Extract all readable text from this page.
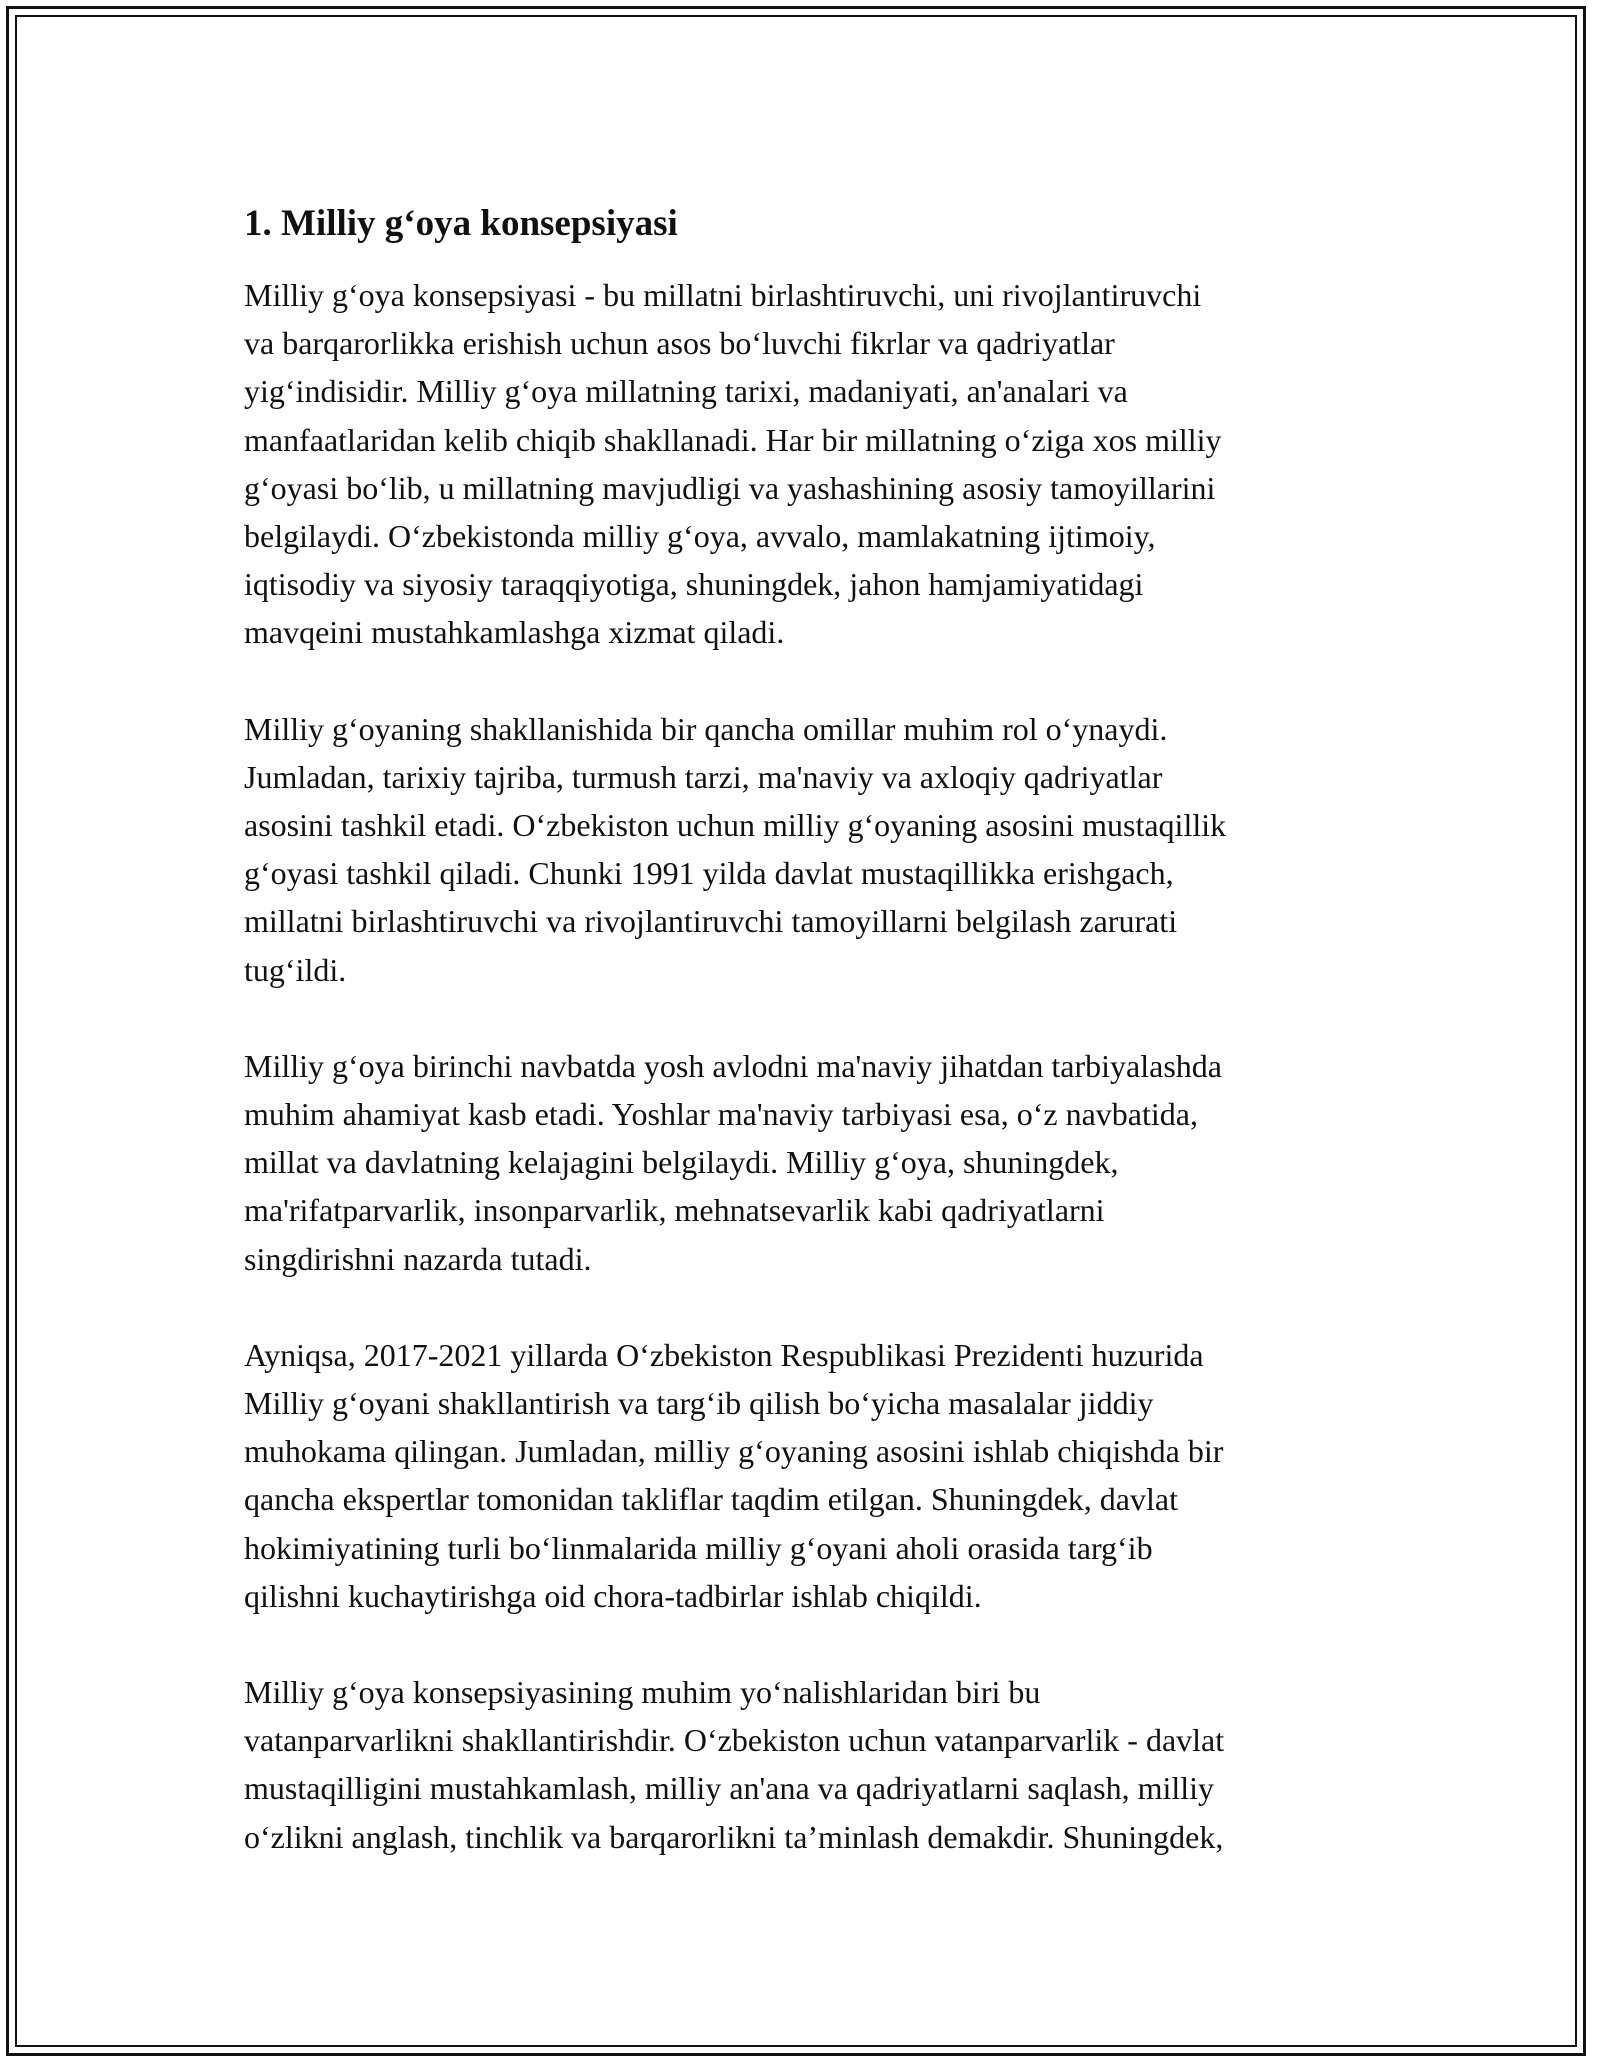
1. Milliy g‘oya konsepsiyasi

Milliy g‘oya konsepsiyasi - bu millatni birlashtiruvchi, uni rivojlantiruvchi
va barqarorlikka erishish uchun asos bo‘luvchi fikrlar va qadriyatlar
yig‘indisidir. Milliy g‘oya millatning tarixi, madaniyati, an'analari va
manfaatlaridan kelib chiqib shakllanadi. Har bir millatning o‘ziga xos milliy
g‘oyasi bo‘lib, u millatning mavjudligi va yashashining asosiy tamoyillarini
belgilaydi. O‘zbekistonda milliy g‘oya, avvalo, mamlakatning ijtimoiy,
iqtisodiy va siyosiy taraqqiyotiga, shuningdek, jahon hamjamiyatidagi
mavqeini mustahkamlashga xizmat qiladi.

Milliy g‘oyaning shakllanishida bir qancha omillar muhim rol o‘ynaydi.
Jumladan, tarixiy tajriba, turmush tarzi, ma'naviy va axloqiy qadriyatlar
asosini tashkil etadi. O‘zbekiston uchun milliy g‘oyaning asosini mustaqillik
g‘oyasi tashkil qiladi. Chunki 1991 yilda davlat mustaqillikka erishgach,
millatni birlashtiruvchi va rivojlantiruvchi tamoyillarni belgilash zarurati
tug‘ildi.

Milliy g‘oya birinchi navbatda yosh avlodni ma'naviy jihatdan tarbiyalashda
muhim ahamiyat kasb etadi. Yoshlar ma'naviy tarbiyasi esa, o‘z navbatida,
millat va davlatning kelajagini belgilaydi. Milliy g‘oya, shuningdek,
ma'rifatparvarlik, insonparvarlik, mehnatsevarlik kabi qadriyatlarni
singdirishni nazarda tutadi.

Ayniqsa, 2017-2021 yillarda O‘zbekiston Respublikasi Prezidenti huzurida
Milliy g‘oyani shakllantirish va targ‘ib qilish bo‘yicha masalalar jiddiy
muhokama qilingan. Jumladan, milliy g‘oyaning asosini ishlab chiqishda bir
qancha ekspertlar tomonidan takliflar taqdim etilgan. Shuningdek, davlat
hokimiyatining turli bo‘linmalarida milliy g‘oyani aholi orasida targ‘ib
qilishni kuchaytirishga oid chora-tadbirlar ishlab chiqildi.

Milliy g‘oya konsepsiyasining muhim yo‘nalishlaridan biri bu
vatanparvarlikni shakllantirishdir. O‘zbekiston uchun vatanparvarlik - davlat
mustaqilligini mustahkamlash, milliy an'ana va qadriyatlarni saqlash, milliy
o‘zlikni anglash, tinchlik va barqarorlikni ta’minlash demakdir. Shuningdek,
